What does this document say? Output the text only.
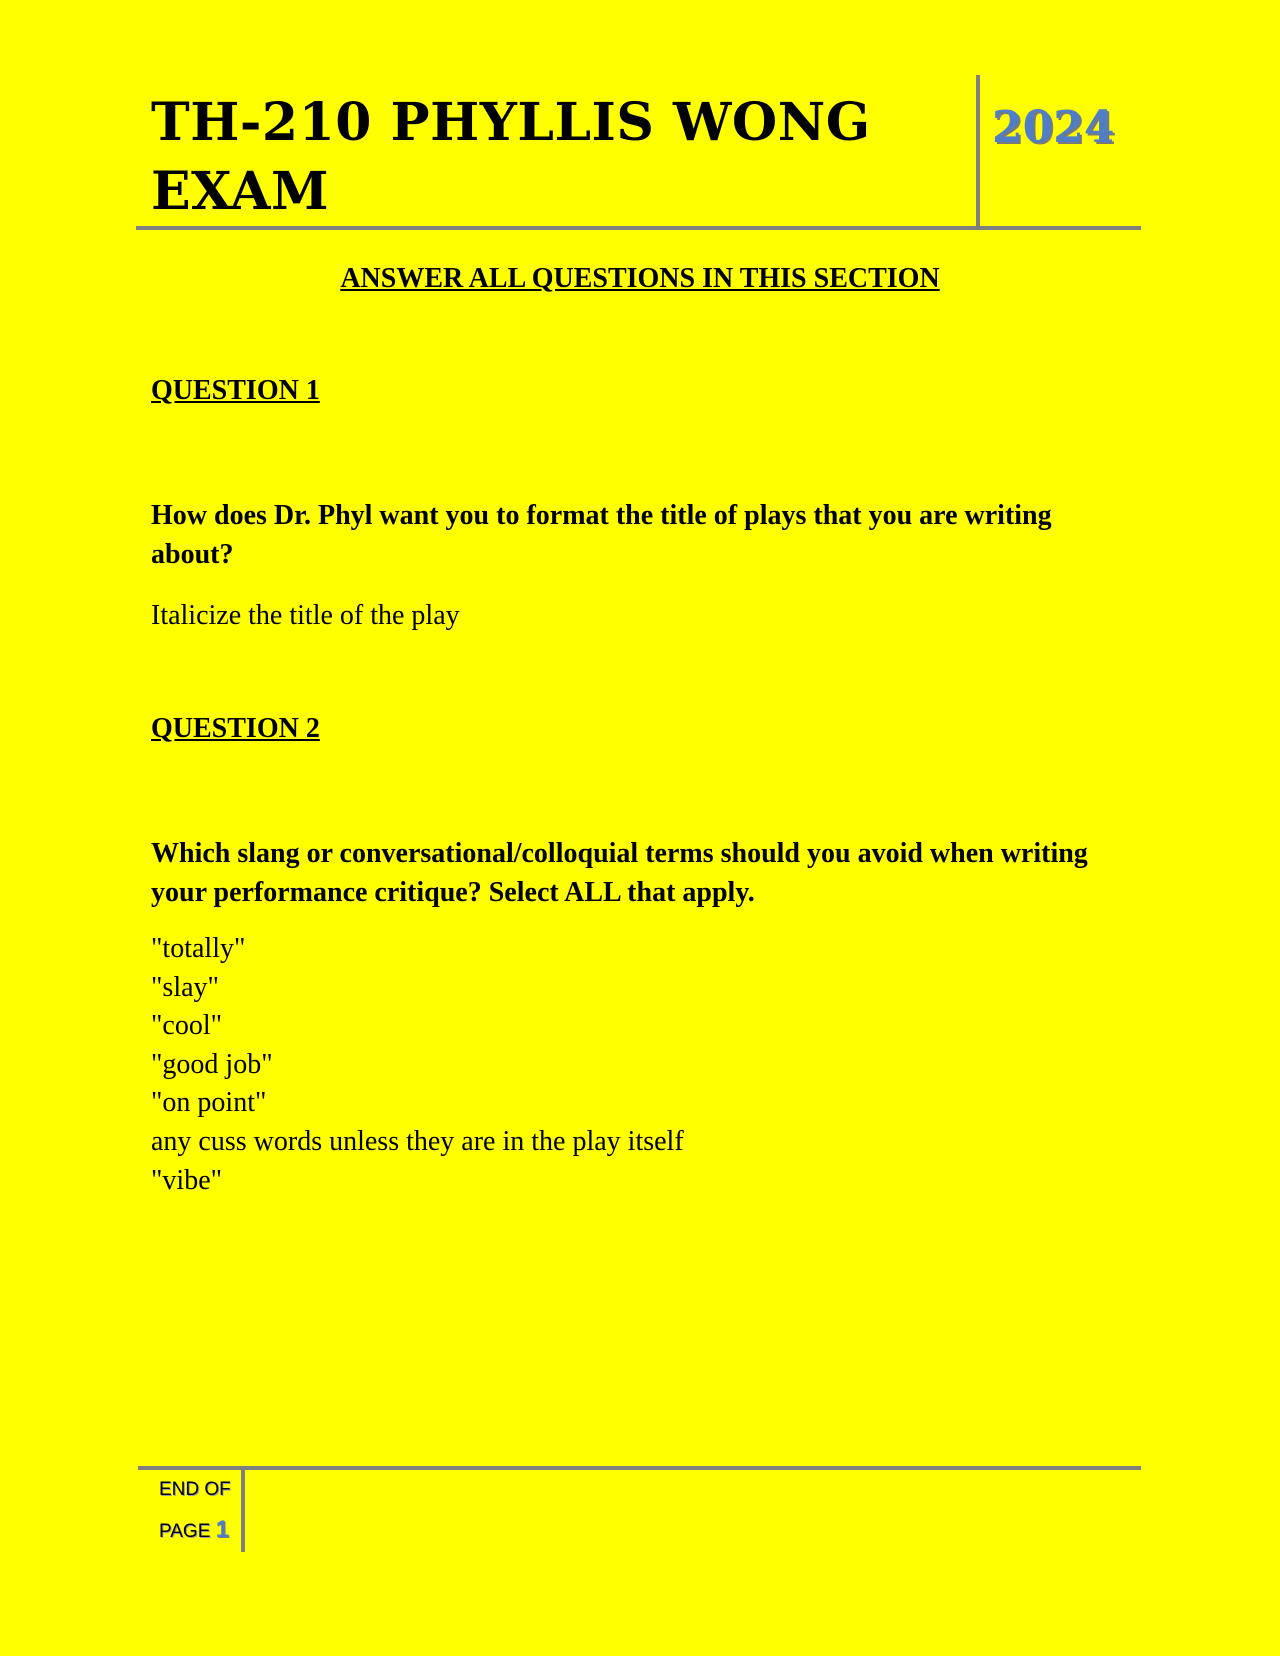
TH-210 PHYLLIS WONG EXAM
2024
ANSWER ALL QUESTIONS IN THIS SECTION
QUESTION 1

How does Dr. Phyl want you to format the title of plays that you are writing about?

Italicize the title of the play
QUESTION 2

Which slang or conversational/colloquial terms should you avoid when writing your performance critique? Select ALL that apply.

"totally"
"slay"
"cool"
"good job"
"on point"
any cuss words unless they are in the play itself
"vibe"
END OF
PAGE 1
